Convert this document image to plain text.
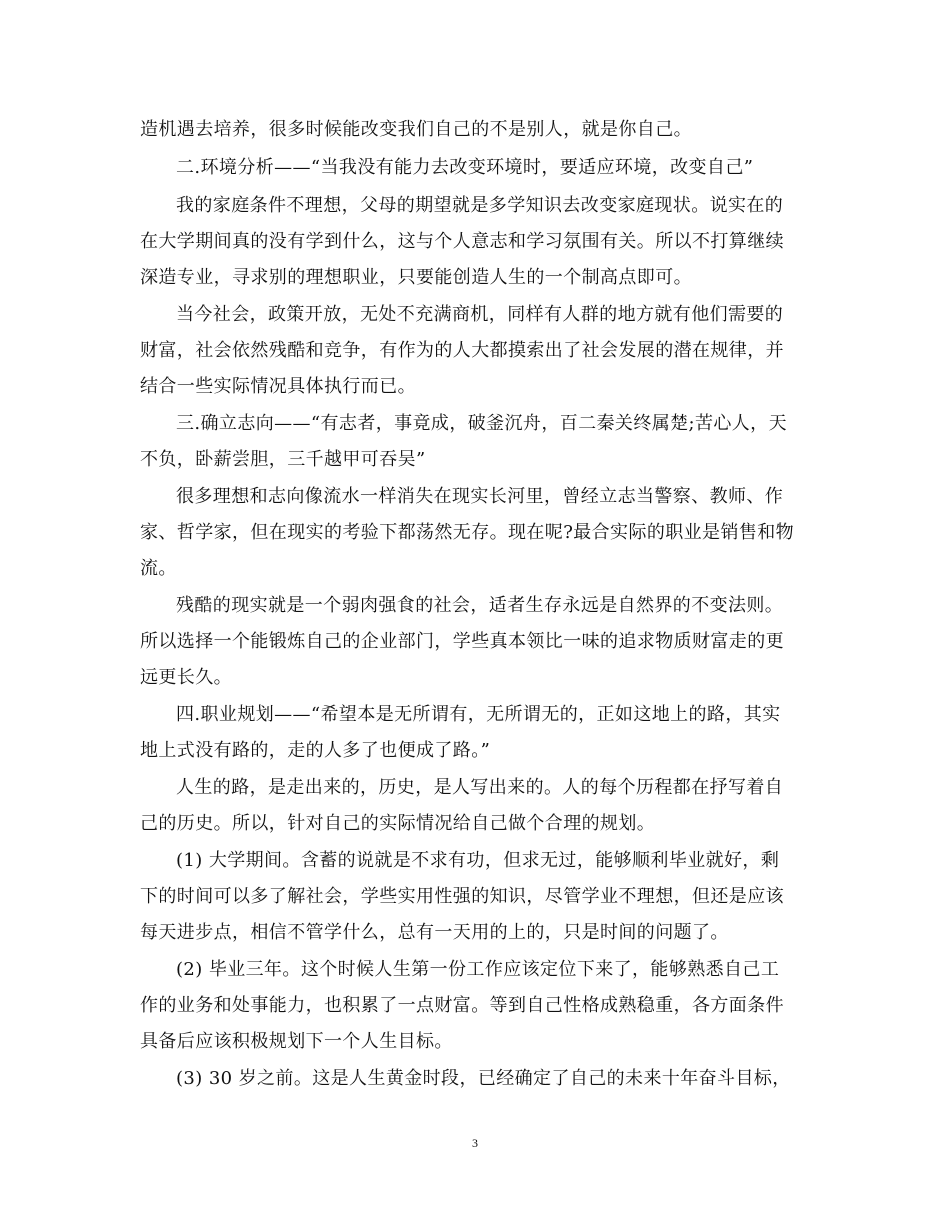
造机遇去培养，很多时候能改变我们自己的不是别人，就是你自己。
二.环境分析——“当我没有能力去改变环境时，要适应环境，改变自己”
我的家庭条件不理想，父母的期望就是多学知识去改变家庭现状。说实在的
在大学期间真的没有学到什么，这与个人意志和学习氛围有关。所以不打算继续
深造专业，寻求别的理想职业，只要能创造人生的一个制高点即可。
当今社会，政策开放，无处不充满商机，同样有人群的地方就有他们需要的
财富，社会依然残酷和竞争，有作为的人大都摸索出了社会发展的潜在规律，并
结合一些实际情况具体执行而已。
三.确立志向——“有志者，事竟成，破釜沉舟，百二秦关终属楚;苦心人，天
不负，卧薪尝胆，三千越甲可吞吴”
很多理想和志向像流水一样消失在现实长河里，曾经立志当警察、教师、作
家、哲学家，但在现实的考验下都荡然无存。现在呢?最合实际的职业是销售和物
流。
残酷的现实就是一个弱肉强食的社会，适者生存永远是自然界的不变法则。
所以选择一个能锻炼自己的企业部门，学些真本领比一味的追求物质财富走的更
远更长久。
四.职业规划——“希望本是无所谓有，无所谓无的，正如这地上的路，其实
地上式没有路的，走的人多了也便成了路。”
人生的路，是走出来的，历史，是人写出来的。人的每个历程都在抒写着自
己的历史。所以，针对自己的实际情况给自己做个合理的规划。
(1) 大学期间。含蓄的说就是不求有功，但求无过，能够顺利毕业就好，剩
下的时间可以多了解社会，学些实用性强的知识，尽管学业不理想，但还是应该
每天进步点，相信不管学什么，总有一天用的上的，只是时间的问题了。
(2) 毕业三年。这个时候人生第一份工作应该定位下来了，能够熟悉自己工
作的业务和处事能力，也积累了一点财富。等到自己性格成熟稳重，各方面条件
具备后应该积极规划下一个人生目标。
(3) 30 岁之前。这是人生黄金时段，已经确定了自己的未来十年奋斗目标，
3
